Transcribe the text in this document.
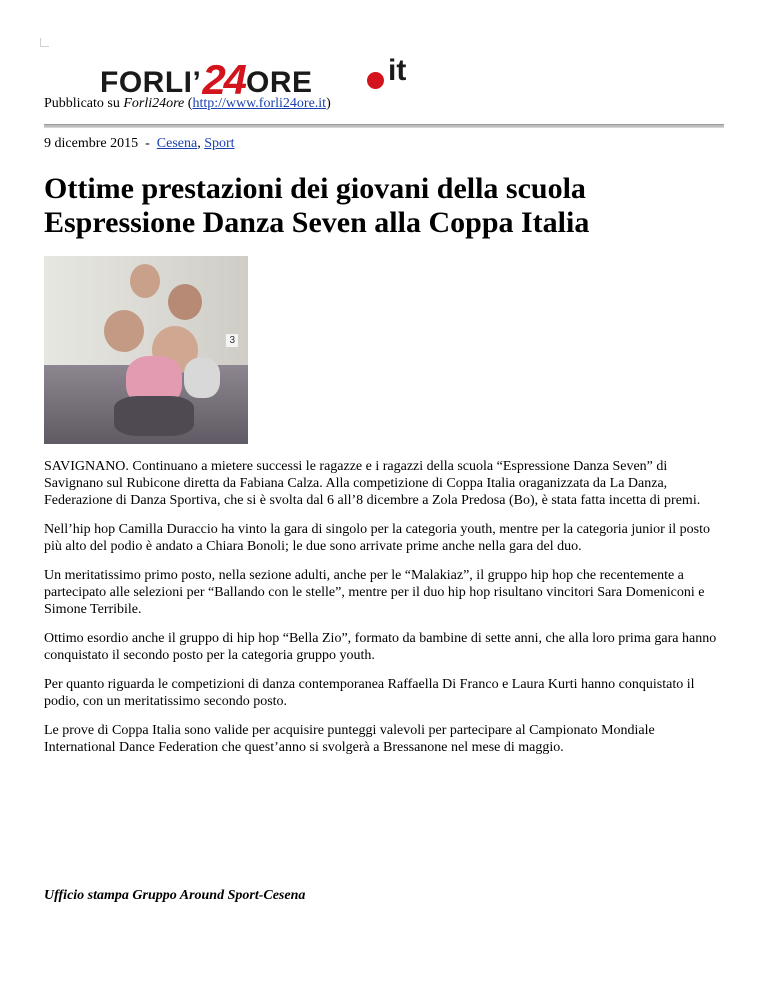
FORLI’24ORE	it
Pubblicato su Forli24ore (http://www.forli24ore.it)
9 dicembre 2015 - Cesena, Sport
Ottime prestazioni dei giovani della scuola Espressione Danza Seven alla Coppa Italia
3

SAVIGNANO. Continuano a mietere successi le ragazze e i ragazzi della scuola “Espressione Danza Seven” di Savignano sul Rubicone diretta da Fabiana Calza. Alla competizione di Coppa Italia oraganizzata da La Danza, Federazione di Danza Sportiva, che si è svolta dal 6 all’8 dicembre a Zola Predosa (Bo), è stata fatta incetta di premi.

Nell’hip hop Camilla Duraccio ha vinto la gara di singolo per la categoria youth, mentre per la categoria junior il posto più alto del podio è andato a Chiara Bonoli; le due sono arrivate prime anche nella gara del duo.

Un meritatissimo primo posto, nella sezione adulti, anche per le “Malakiaz”, il gruppo hip hop che recentemente a partecipato alle selezioni per “Ballando con le stelle”, mentre per il duo hip hop risultano vincitori Sara Domeniconi e Simone Terribile.

Ottimo esordio anche il gruppo di hip hop “Bella Zio”, formato da bambine di sette anni, che alla loro prima gara hanno conquistato il secondo posto per la categoria gruppo youth.

Per quanto riguarda le competizioni di danza contemporanea Raffaella Di Franco e Laura Kurti hanno conquistato il podio, con un meritatissimo secondo posto.

Le prove di Coppa Italia sono valide per acquisire punteggi valevoli per partecipare al Campionato Mondiale International Dance Federation che quest’anno si svolgerà a Bressanone nel mese di maggio.

Ufficio stampa Gruppo Around Sport-Cesena
